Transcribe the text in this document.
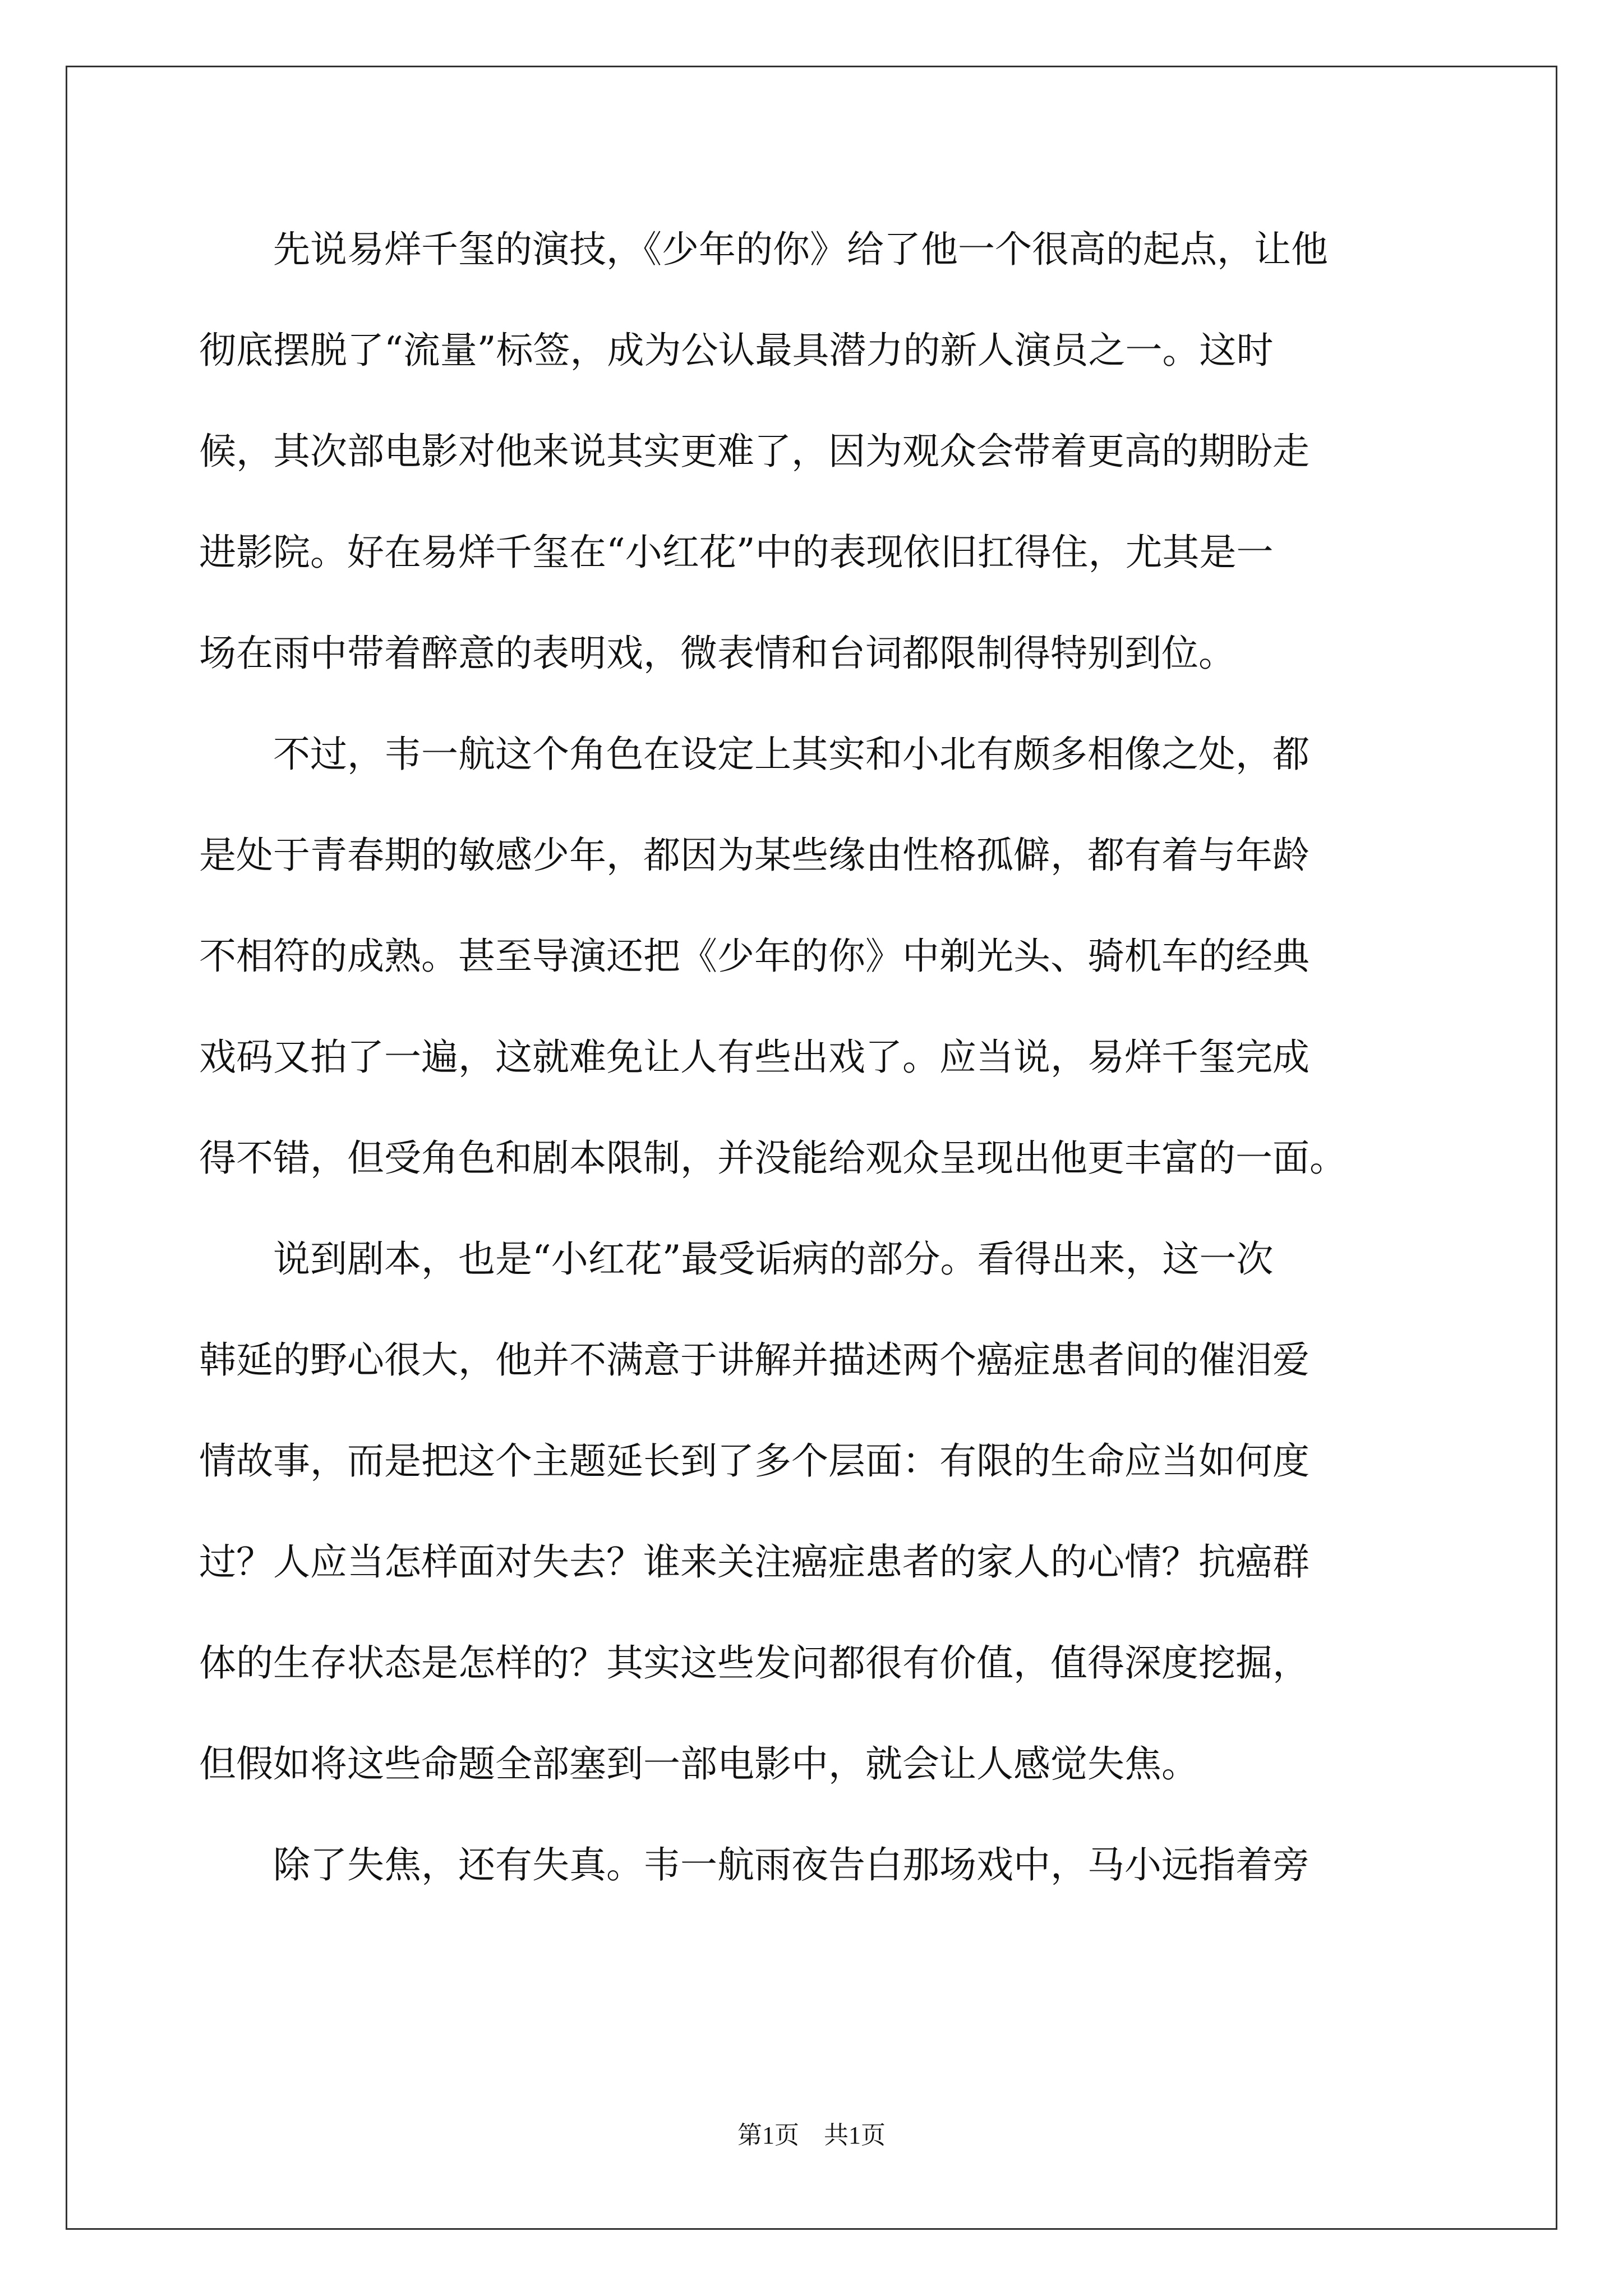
　　先说易烊千玺的演技，《少年的你》给了他一个很高的起点，让他
彻底摆脱了“流量”标签，成为公认最具潜力的新人演员之一。这时
候，其次部电影对他来说其实更难了，因为观众会带着更高的期盼走
进影院。好在易烊千玺在“小红花”中的表现依旧扛得住，尤其是一
场在雨中带着醉意的表明戏，微表情和台词都限制得特别到位。
　　不过，韦一航这个角色在设定上其实和小北有颇多相像之处，都
是处于青春期的敏感少年，都因为某些缘由性格孤僻，都有着与年龄
不相符的成熟。甚至导演还把《少年的你》中剃光头、骑机车的经典
戏码又拍了一遍，这就难免让人有些出戏了。应当说，易烊千玺完成
得不错，但受角色和剧本限制，并没能给观众呈现出他更丰富的一面。
　　说到剧本，也是“小红花”最受诟病的部分。看得出来，这一次
韩延的野心很大，他并不满意于讲解并描述两个癌症患者间的催泪爱
情故事，而是把这个主题延长到了多个层面：有限的生命应当如何度
过？人应当怎样面对失去？谁来关注癌症患者的家人的心情？抗癌群
体的生存状态是怎样的？其实这些发问都很有价值，值得深度挖掘，
但假如将这些命题全部塞到一部电影中，就会让人感觉失焦。
　　除了失焦，还有失真。韦一航雨夜告白那场戏中，马小远指着旁
第1页　共1页
